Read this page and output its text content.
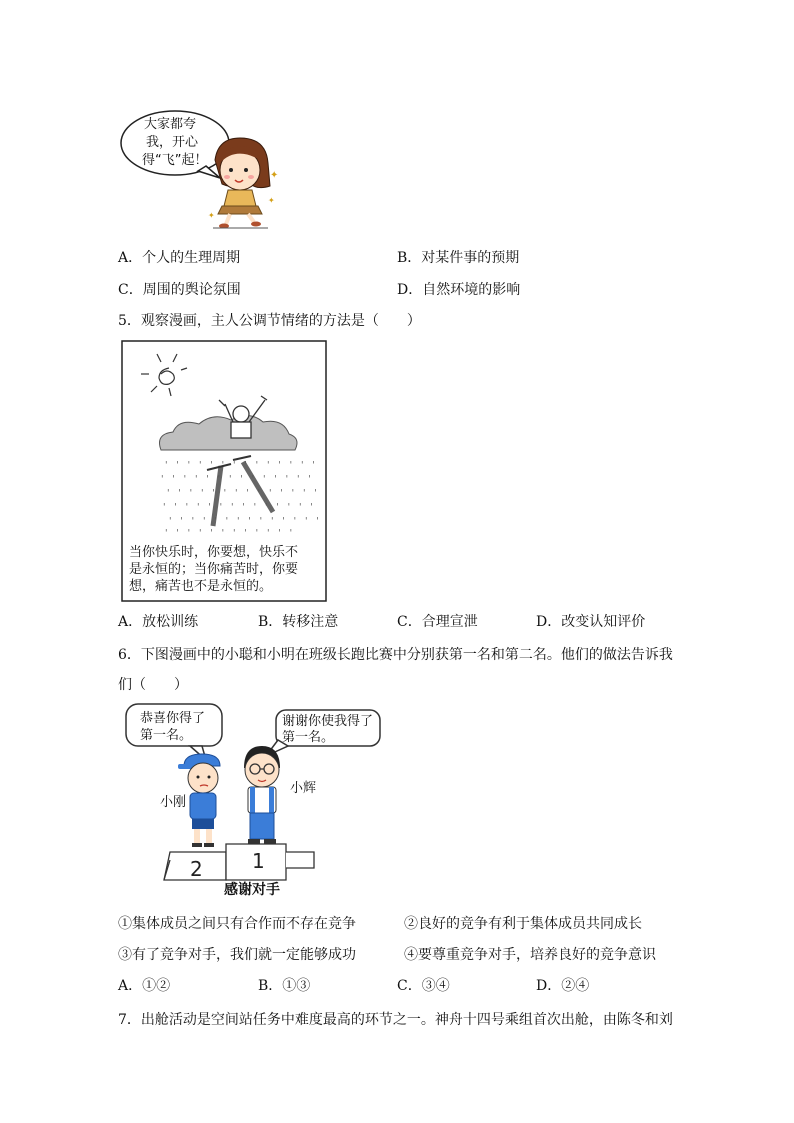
大家都夸
我，开心
得“飞”起！
✦
✦
✦
A．个人的生理周期	B．对某件事的预期
C．周围的舆论氛围	D．自然环境的影响
5．观察漫画，主人公调节情绪的方法是（　　）
' ' ' ' ' ' ' ' ' ' ' ' ' '
' ' ' ' ' ' ' ' ' ' ' ' ' '
' ' ' ' ' ' ' ' ' ' ' ' ' '
' ' ' ' ' ' ' ' ' ' ' ' ' '
' ' ' ' ' ' ' ' ' ' ' ' ' '
' ' ' ' ' ' ' ' ' ' ' '
当你快乐时，你要想，快乐不
是永恒的；当你痛苦时，你要
想，痛苦也不是永恒的。
A．放松训练	B．转移注意	C．合理宣泄	D．改变认知评价
6．下图漫画中的小聪和小明在班级长跑比赛中分别获第一名和第二名。他们的做法告诉我
们（　　）
恭喜你得了
第一名。
谢谢你使我得了
第一名。
小刚
小辉
2 1
感谢对手
①集体成员之间只有合作而不存在竞争	②良好的竞争有利于集体成员共同成长
③有了竞争对手，我们就一定能够成功	④要尊重竞争对手，培养良好的竞争意识
A．①②	B．①③	C．③④	D．②④
7．出舱活动是空间站任务中难度最高的环节之一。神舟十四号乘组首次出舱，由陈冬和刘
